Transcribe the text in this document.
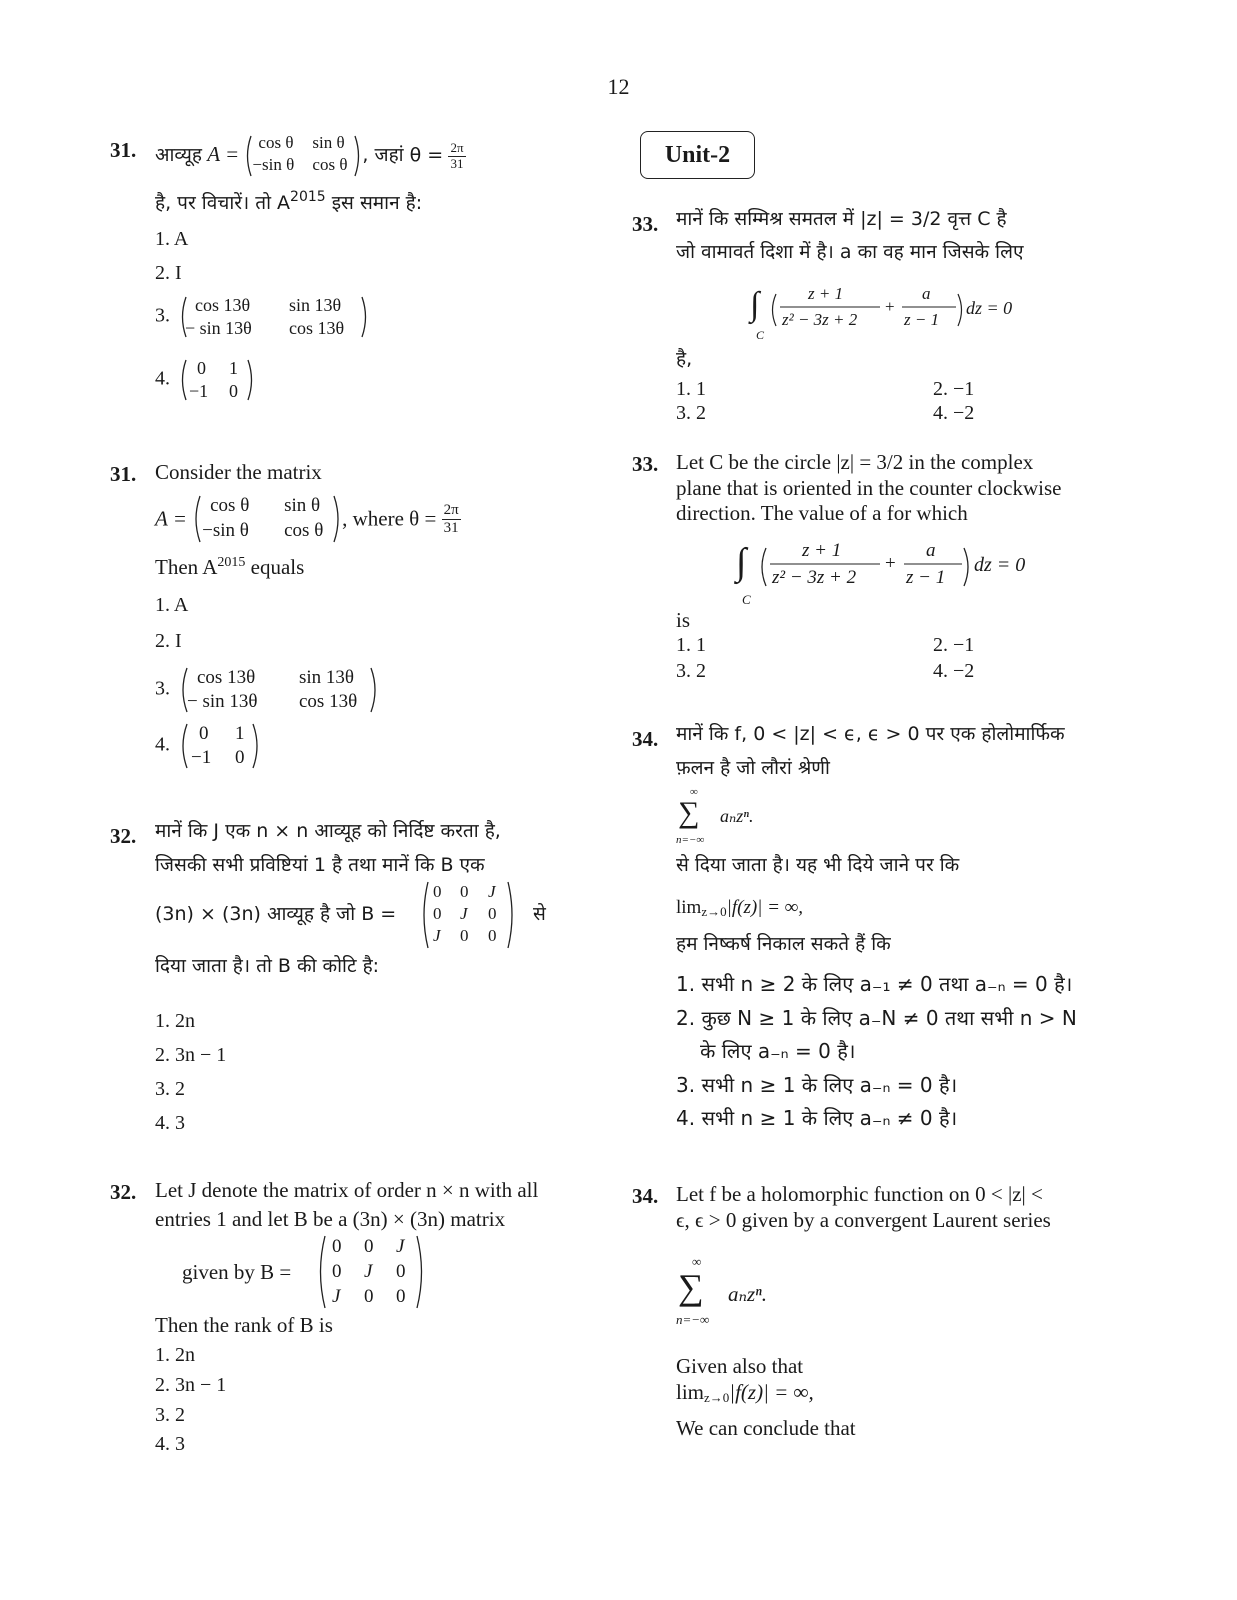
12
31. आव्यूह A = cos θ sin θ
−sin θ cos θ , जहां $\theta = \frac{2\pi}{31}$
है, पर विचारें। तो $A^{2015}$ इस समान है:
1. A
2. I
3. cos 13θ sin 13θ
− sin 13θ cos 13θ
4. 0 1
−1 0
31. Consider the matrix
A =
cos θ sin θ
−sin θ cos θ , where $\theta = \frac{2\pi}{31}$
Then $A^{2015}$ equals
1. A
2. I
3.
cos 13θ sin 13θ
− sin 13θ cos 13θ
4.
0 1
−1 0
32. मानें कि J एक n × n आव्यूह को निर्दिष्ट करता है,
जिसकी सभी प्रविष्टियां 1 है तथा मानें कि B एक
(3n) × (3n) आव्यूह है जो B =
0 0 J
0 J 0
J 0 0
से
दिया जाता है। तो B की कोटि है:
1. 2n
2. 3n − 1
3. 2
4. 3
32. Let J denote the matrix of order n × n with all
entries 1 and let B be a (3n) × (3n) matrix
given by B =
0 0 J
0 J 0
J 0 0
Then the rank of B is
1. 2n
2. 3n − 1
3. 2
4. 3
Unit-2
33. मानें कि सम्मिश्र समतल में |z| = 3/2 वृत्त C है
जो वामावर्त दिशा में है। a का वह मान जिसके लिए
∫
C
z + 1
z² − 3z + 2
+
a
z − 1
dz = 0
है,
1. 1	2. −1
3. 2	4. −2
33. Let C be the circle |z| = 3/2 in the complex
plane that is oriented in the counter clockwise
direction. The value of a for which
∫
C
z + 1
z² − 3z + 2
+
a
z − 1
dz = 0
is
1. 1	2. −1
3. 2	4. −2
34. मानें कि f, 0 < |z| < ϵ, ϵ > 0 पर एक होलोमार्फिक
फ़लन है जो लौरां श्रेणी
∞
∑
n=−∞
aₙzⁿ.
से दिया जाता है। यह भी दिये जाने पर कि
$\lim_{z\to 0}|f(z)|$ = ∞,
हम निष्कर्ष निकाल सकते हैं कि
1. सभी n ≥ 2 के लिए a₋₁ ≠ 0 तथा a₋ₙ = 0 है।
2. कुछ N ≥ 1 के लिए a₋N ≠ 0 तथा सभी n > N
के लिए a₋ₙ = 0 है।
3. सभी n ≥ 1 के लिए a₋ₙ = 0 है।
4. सभी n ≥ 1 के लिए a₋ₙ ≠ 0 है।
34. Let f be a holomorphic function on 0 < |z| <
ϵ, ϵ > 0 given by a convergent Laurent series
∞
∑
n=−∞
aₙzⁿ.
Given also that
$\lim_{z\to 0}|f(z)|$ = ∞,
We can conclude that
